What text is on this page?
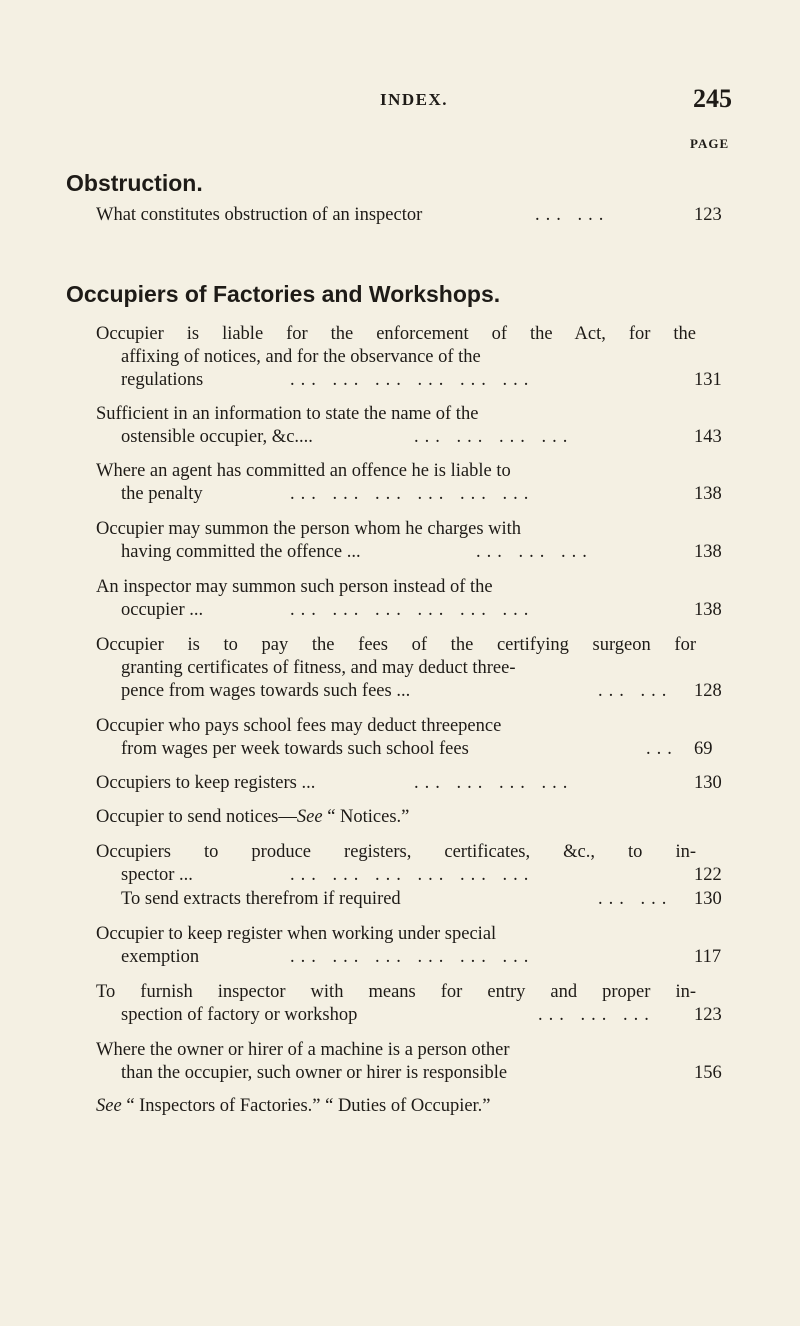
INDEX.	245
PAGE
Obstruction.
What constitutes obstruction of an inspector	... ...	123
Occupiers of Factories and Workshops.
Occupier is liable for the enforcement of the Act, for the
affixing of notices, and for the observance of the
regulations	... ... ... ... ... ...	131
Sufficient in an information to state the name of the
ostensible occupier, &c....	... ... ... ...	143
Where an agent has committed an offence he is liable to
the penalty	... ... ... ... ... ...	138
Occupier may summon the person whom he charges with
having committed the offence ...	... ... ...	138
An inspector may summon such person instead of the
occupier ...	... ... ... ... ... ...	138
Occupier is to pay the fees of the certifying surgeon for
granting certificates of fitness, and may deduct three-
pence from wages towards such fees ...	... ... 128
Occupier who pays school fees may deduct threepence
from wages per week towards such school fees	... 69
Occupiers to keep registers ...	... ... ... ...	130
Occupier to send notices—See “ Notices.”
Occupiers to produce registers, certificates, &c., to in-
spector ...	... ... ... ... ... ...	122
To send extracts therefrom if required	... ... 130
Occupier to keep register when working under special
exemption	... ... ... ... ... ...	117
To furnish inspector with means for entry and proper in-
spection of factory or workshop	... ... ... 123
Where the owner or hirer of a machine is a person other
than the occupier, such owner or hirer is responsible	156
See “ Inspectors of Factories.” “ Duties of Occupier.”
